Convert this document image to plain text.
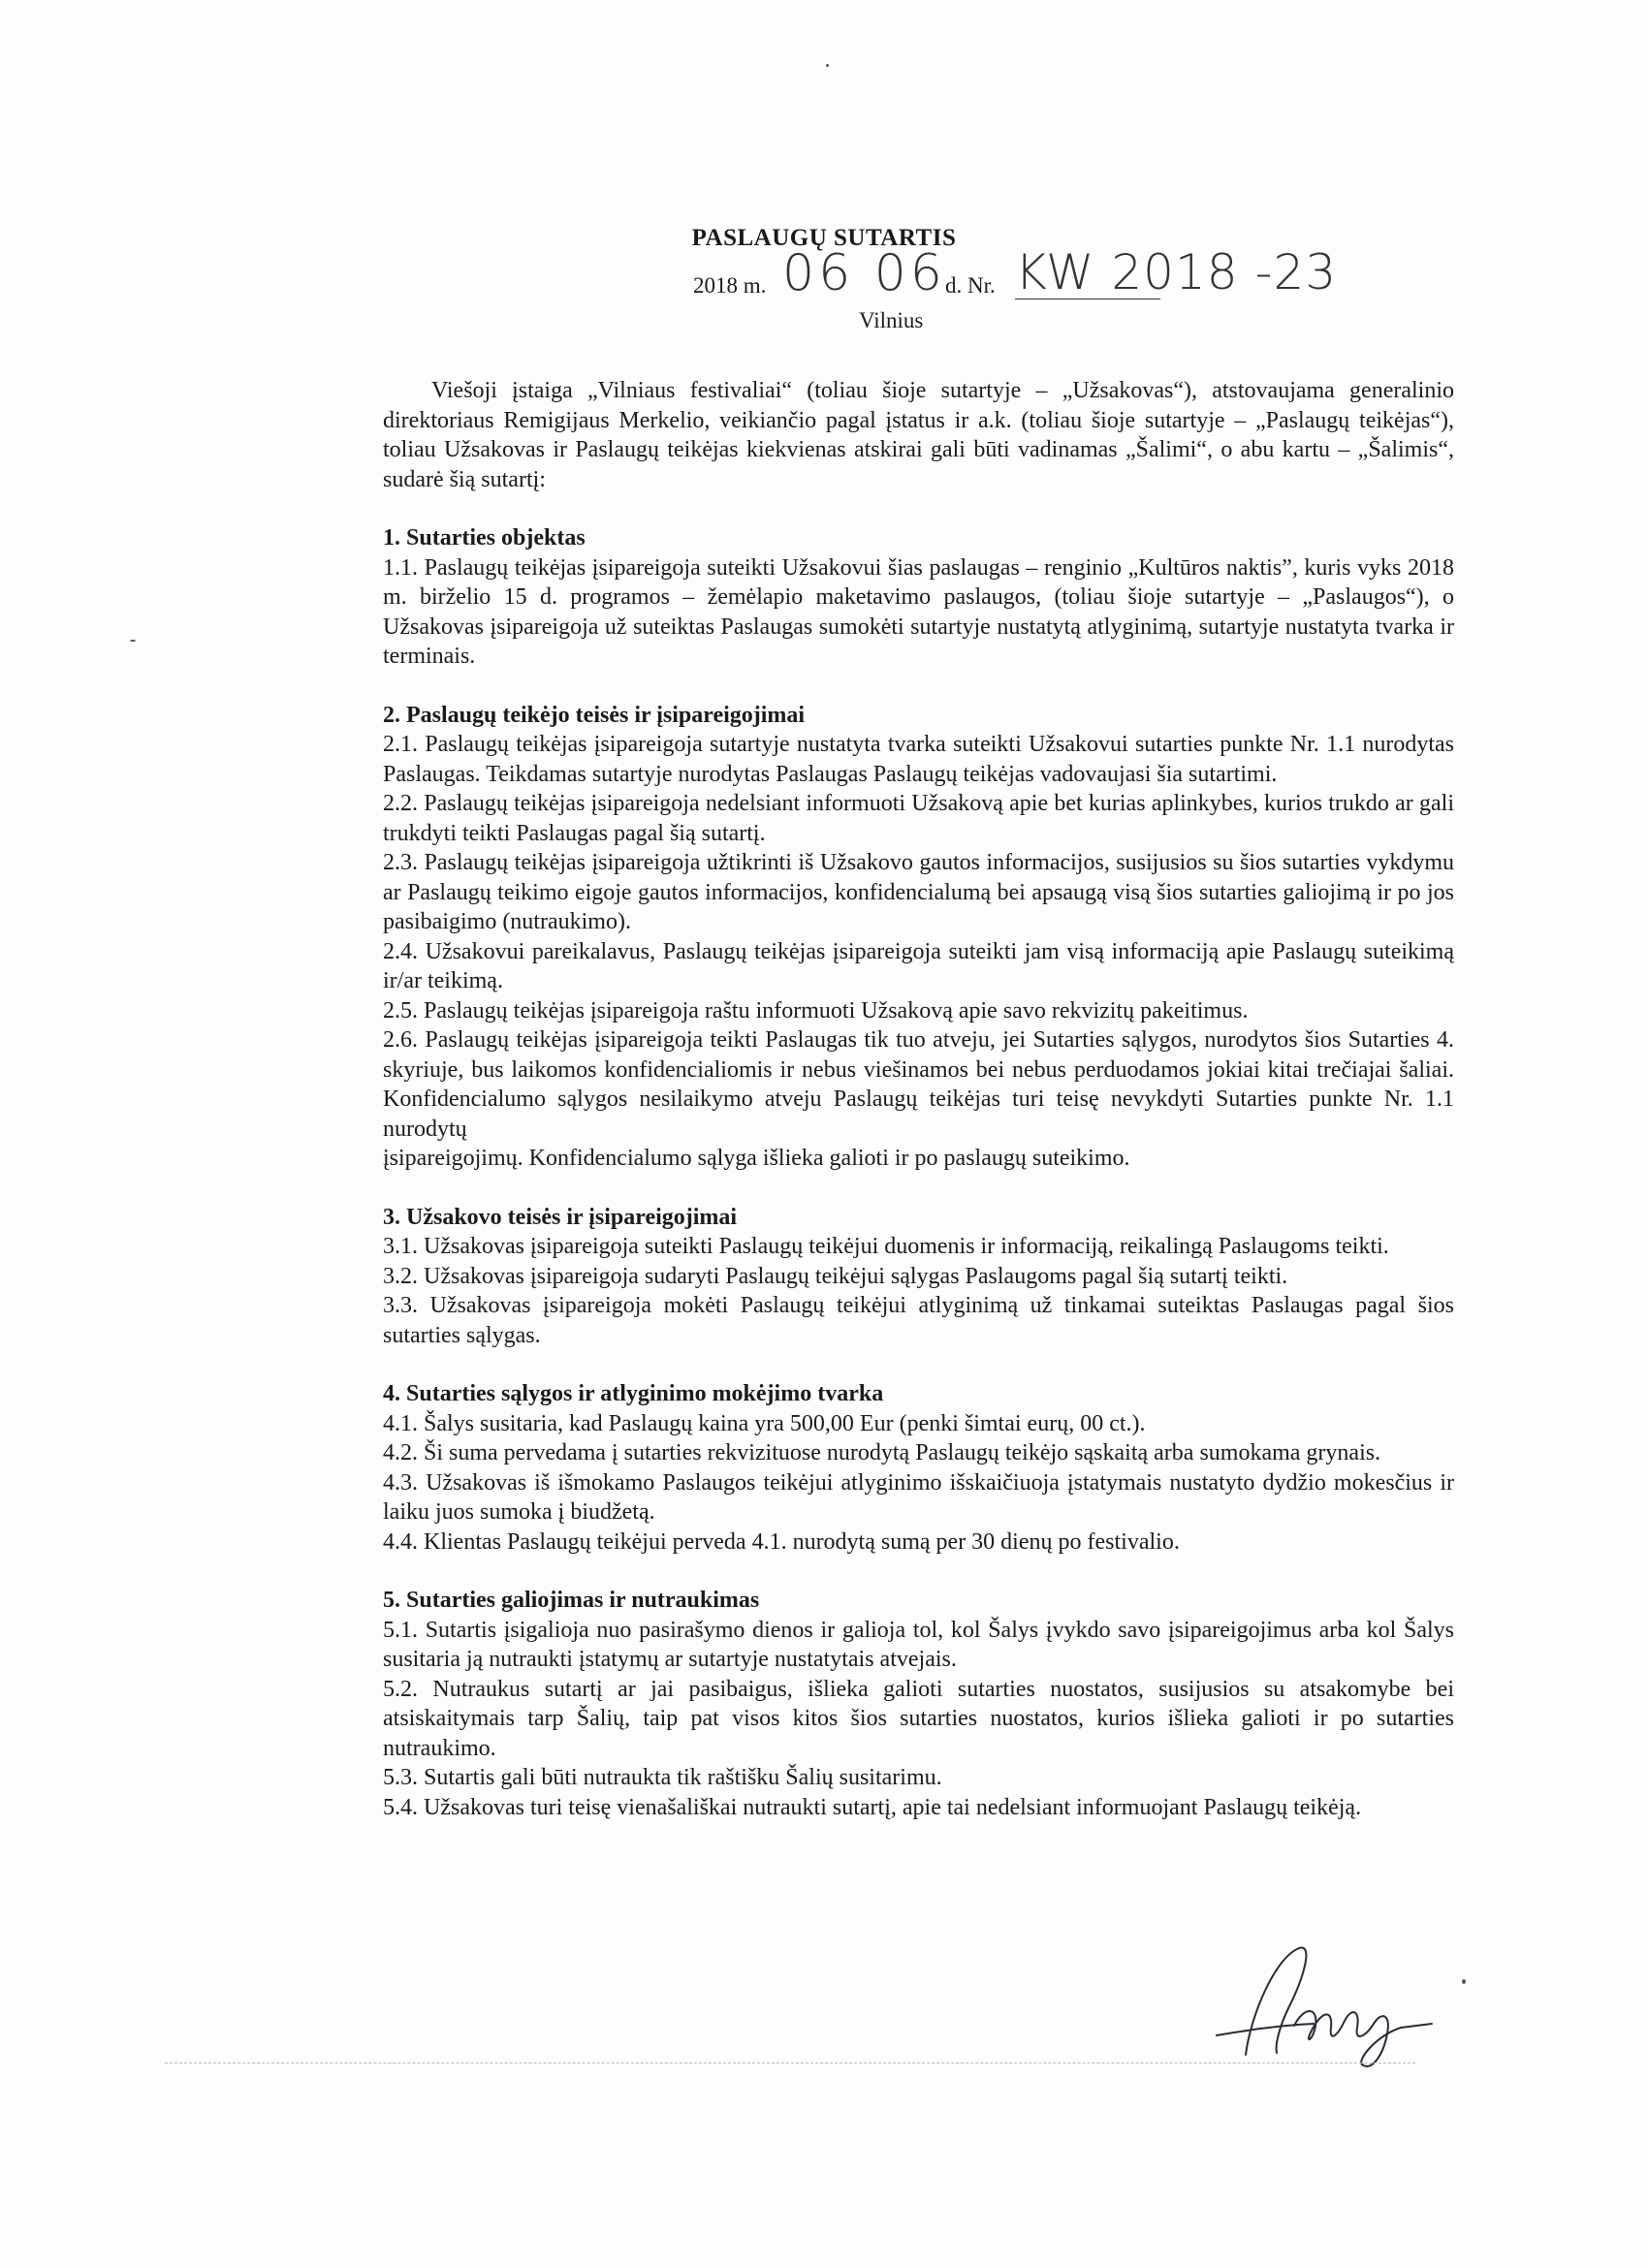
PASLAUGŲ SUTARTIS
2018 m. 06 06 d. Nr. KW 2018 -23
Vilnius
Viešoji įstaiga „Vilniaus festivaliai“ (toliau šioje sutartyje – „Užsakovas“), atstovaujama generalinio direktoriaus Remigijaus Merkelio, veikiančio pagal įstatus ir a.k. (toliau šioje sutartyje – „Paslaugų teikėjas“), toliau Užsakovas ir Paslaugų teikėjas kiekvienas atskirai gali būti vadinamas „Šalimi“, o abu kartu – „Šalimis“, sudarė šią sutartį:
1. Sutarties objektas
1.1. Paslaugų teikėjas įsipareigoja suteikti Užsakovui šias paslaugas – renginio „Kultūros naktis”, kuris vyks 2018 m. birželio 15 d. programos – žemėlapio maketavimo paslaugos, (toliau šioje sutartyje – „Paslaugos“), o Užsakovas įsipareigoja už suteiktas Paslaugas sumokėti sutartyje nustatytą atlyginimą, sutartyje nustatyta tvarka ir terminais.
2. Paslaugų teikėjo teisės ir įsipareigojimai
2.1. Paslaugų teikėjas įsipareigoja sutartyje nustatyta tvarka suteikti Užsakovui sutarties punkte Nr. 1.1 nurodytas Paslaugas. Teikdamas sutartyje nurodytas Paslaugas Paslaugų teikėjas vadovaujasi šia sutartimi.
2.2. Paslaugų teikėjas įsipareigoja nedelsiant informuoti Užsakovą apie bet kurias aplinkybes, kurios trukdo ar gali trukdyti teikti Paslaugas pagal šią sutartį.
2.3. Paslaugų teikėjas įsipareigoja užtikrinti iš Užsakovo gautos informacijos, susijusios su šios sutarties vykdymu ar Paslaugų teikimo eigoje gautos informacijos, konfidencialumą bei apsaugą visą šios sutarties galiojimą ir po jos pasibaigimo (nutraukimo).
2.4. Užsakovui pareikalavus, Paslaugų teikėjas įsipareigoja suteikti jam visą informaciją apie Paslaugų suteikimą ir/ar teikimą.
2.5. Paslaugų teikėjas įsipareigoja raštu informuoti Užsakovą apie savo rekvizitų pakeitimus.
2.6. Paslaugų teikėjas įsipareigoja teikti Paslaugas tik tuo atveju, jei Sutarties sąlygos, nurodytos šios Sutarties 4. skyriuje, bus laikomos konfidencialiomis ir nebus viešinamos bei nebus perduodamos jokiai kitai trečiajai šaliai. Konfidencialumo sąlygos nesilaikymo atveju Paslaugų teikėjas turi teisę nevykdyti Sutarties punkte Nr. 1.1 nurodytų
įsipareigojimų. Konfidencialumo sąlyga išlieka galioti ir po paslaugų suteikimo.
3. Užsakovo teisės ir įsipareigojimai
3.1. Užsakovas įsipareigoja suteikti Paslaugų teikėjui duomenis ir informaciją, reikalingą Paslaugoms teikti.
3.2. Užsakovas įsipareigoja sudaryti Paslaugų teikėjui sąlygas Paslaugoms pagal šią sutartį teikti.
3.3. Užsakovas įsipareigoja mokėti Paslaugų teikėjui atlyginimą už tinkamai suteiktas Paslaugas pagal šios sutarties sąlygas.
4. Sutarties sąlygos ir atlyginimo mokėjimo tvarka
4.1. Šalys susitaria, kad Paslaugų kaina yra 500,00 Eur (penki šimtai eurų, 00 ct.).
4.2. Ši suma pervedama į sutarties rekvizituose nurodytą Paslaugų teikėjo sąskaitą arba sumokama grynais.
4.3. Užsakovas iš išmokamo Paslaugos teikėjui atlyginimo išskaičiuoja įstatymais nustatyto dydžio mokesčius ir laiku juos sumoka į biudžetą.
4.4. Klientas Paslaugų teikėjui perveda 4.1. nurodytą sumą per 30 dienų po festivalio.
5. Sutarties galiojimas ir nutraukimas
5.1. Sutartis įsigalioja nuo pasirašymo dienos ir galioja tol, kol Šalys įvykdo savo įsipareigojimus arba kol Šalys susitaria ją nutraukti įstatymų ar sutartyje nustatytais atvejais.
5.2. Nutraukus sutartį ar jai pasibaigus, išlieka galioti sutarties nuostatos, susijusios su atsakomybe bei atsiskaitymais tarp Šalių, taip pat visos kitos šios sutarties nuostatos, kurios išlieka galioti ir po sutarties nutraukimo.
5.3. Sutartis gali būti nutraukta tik raštišku Šalių susitarimu.
5.4. Užsakovas turi teisę vienašališkai nutraukti sutartį, apie tai nedelsiant informuojant Paslaugų teikėją.
